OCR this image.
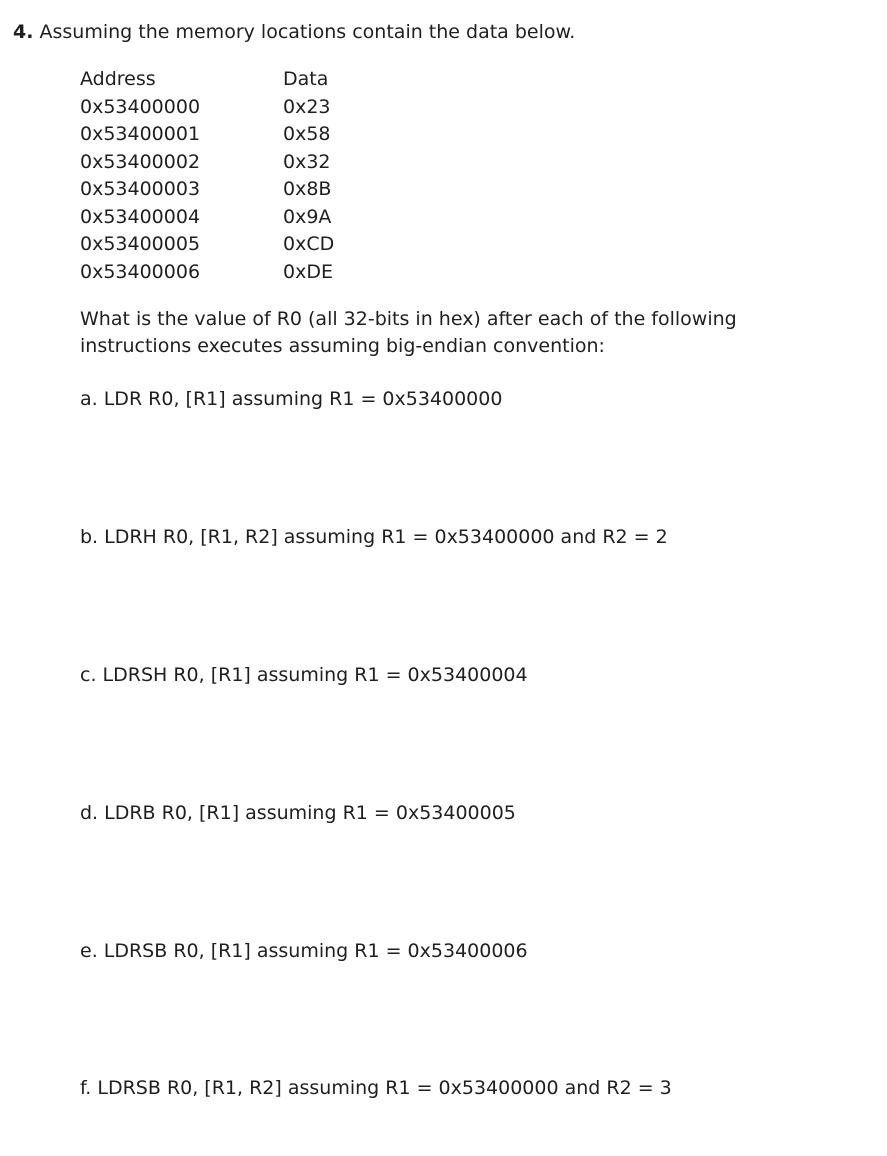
4. Assuming the memory locations contain the data below.
Address	Data
0x53400000	0x23
0x53400001	0x58
0x53400002	0x32
0x53400003	0x8B
0x53400004	0x9A
0x53400005	0xCD
0x53400006	0xDE

What is the value of R0 (all 32-bits in hex) after each of the following instructions executes assuming big-endian convention:

a. LDR R0, [R1] assuming R1 = 0x53400000

b. LDRH R0, [R1, R2] assuming R1 = 0x53400000 and R2 = 2

c. LDRSH R0, [R1] assuming R1 = 0x53400004

d. LDRB R0, [R1] assuming R1 = 0x53400005

e. LDRSB R0, [R1] assuming R1 = 0x53400006

f. LDRSB R0, [R1, R2] assuming R1 = 0x53400000 and R2 = 3
